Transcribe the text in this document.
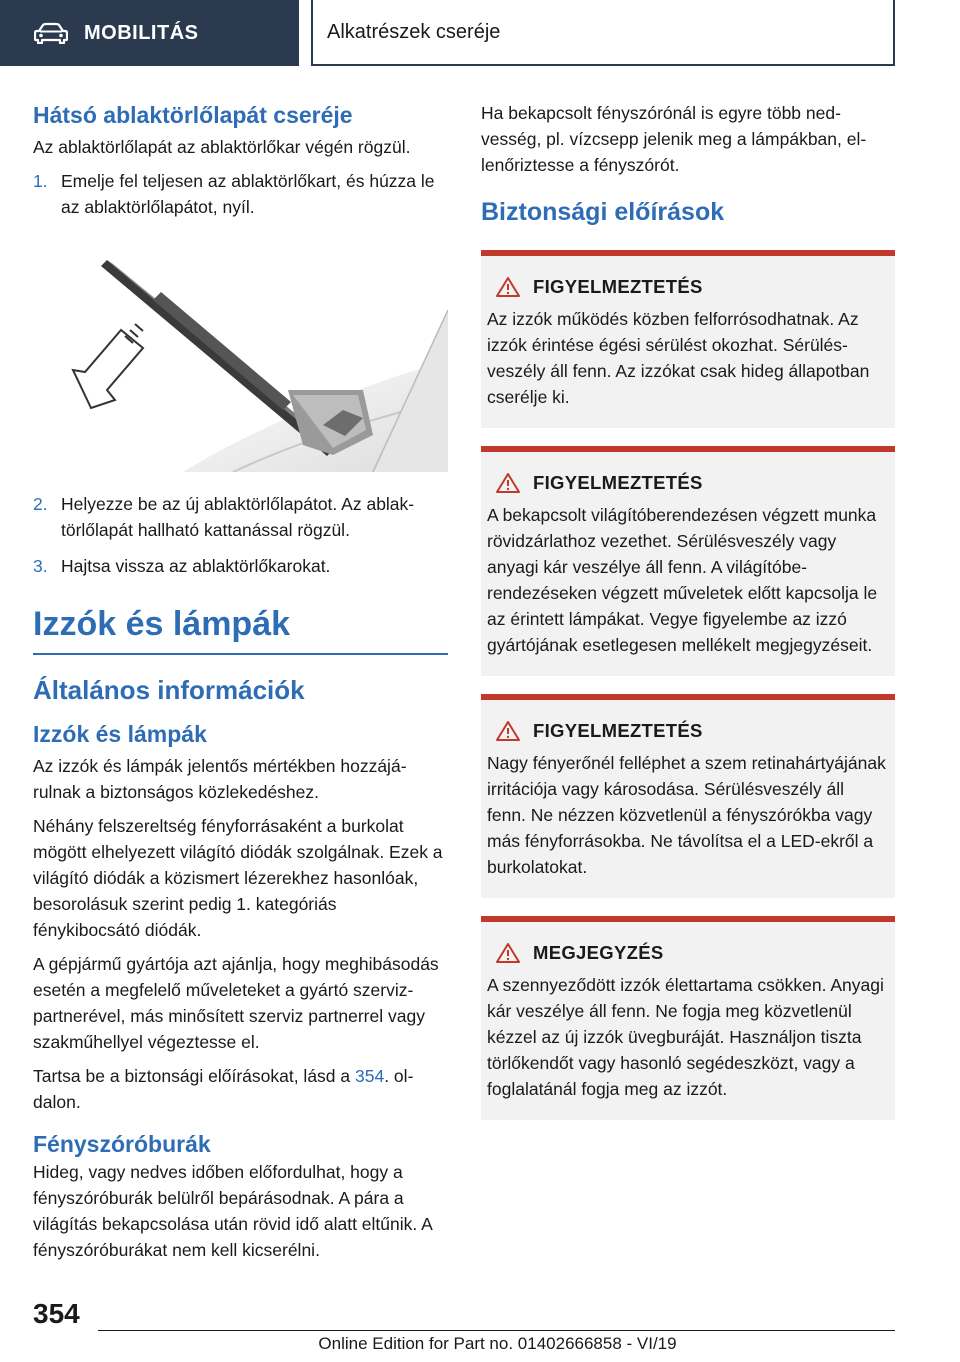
MOBILITÁS	Alkatrészek cseréje
Hátsó ablaktörlőlapát cseréje

Az ablaktörlőlapát az ablaktörlőkar végén rögzül.

1. Emelje fel teljesen az ablaktörlőkart, és húzza le az ablaktörlőlapátot, nyíl.
2. Helyezze be az új ablaktörlőlapátot. Az ablaktörlőlapát hallható kattanással rögzül.
3. Hajtsa vissza az ablaktörlőkarokat.
Izzók és lámpák
Általános információk
Izzók és lámpák

Az izzók és lámpák jelentős mértékben hozzájárulnak a biztonságos közlekedéshez.

Néhány felszereltség fényforrásaként a burkolat mögött elhelyezett világító diódák szolgálnak. Ezek a világító diódák a közismert lézerekhez hasonlóak, besorolásuk szerint pedig 1. kategóriás fénykibocsátó diódák.

A gépjármű gyártója azt ajánlja, hogy meghibásodás esetén a megfelelő műveleteket a gyártó szerviz-partnerével, más minősített szerviz partnerrel vagy szakműhellyel végeztesse el.

Tartsa be a biztonsági előírásokat, lásd a 354. oldalon.

Fényszóróburák

Hideg, vagy nedves időben előfordulhat, hogy a fényszóróburák belülről bepárásodnak. A pára a világítás bekapcsolása után rövid idő alatt eltűnik. A fényszóróburákat nem kell kicserélni.

Ha bekapcsolt fényszórónál is egyre több nedvesség, pl. vízcsepp jelenik meg a lámpákban, ellenőriztesse a fényszórót.

Biztonsági előírások
FIGYELMEZTETÉS

Az izzók működés közben felforrósodhatnak. Az izzók érintése égési sérülést okozhat. Sérülésveszély áll fenn. Az izzókat csak hideg állapotban cserélje ki.

FIGYELMEZTETÉS

A bekapcsolt világítóberendezésen végzett munka rövidzárlathoz vezethet. Sérülésveszély vagy anyagi kár veszélye áll fenn. A világítóberendezéseken végzett műveletek előtt kapcsolja le az érintett lámpákat. Vegye figyelembe az izzó gyártójának esetlegesen mellékelt megjegyzéseit.

FIGYELMEZTETÉS

Nagy fényerőnél felléphet a szem retinahártyájának irritációja vagy károsodása. Sérülésveszély áll fenn. Ne nézzen közvetlenül a fényszórókba vagy más fényforrásokba. Ne távolítsa el a LED-ekről a burkolatokat.

MEGJEGYZÉS

A szennyeződött izzók élettartama csökken. Anyagi kár veszélye áll fenn. Ne fogja meg közvetlenül kézzel az új izzók üvegburáját. Használjon tiszta törlőkendőt vagy hasonló segédeszközt, vagy a foglalatánál fogja meg az izzót.

354
Online Edition for Part no. 01402666858 - VI/19
